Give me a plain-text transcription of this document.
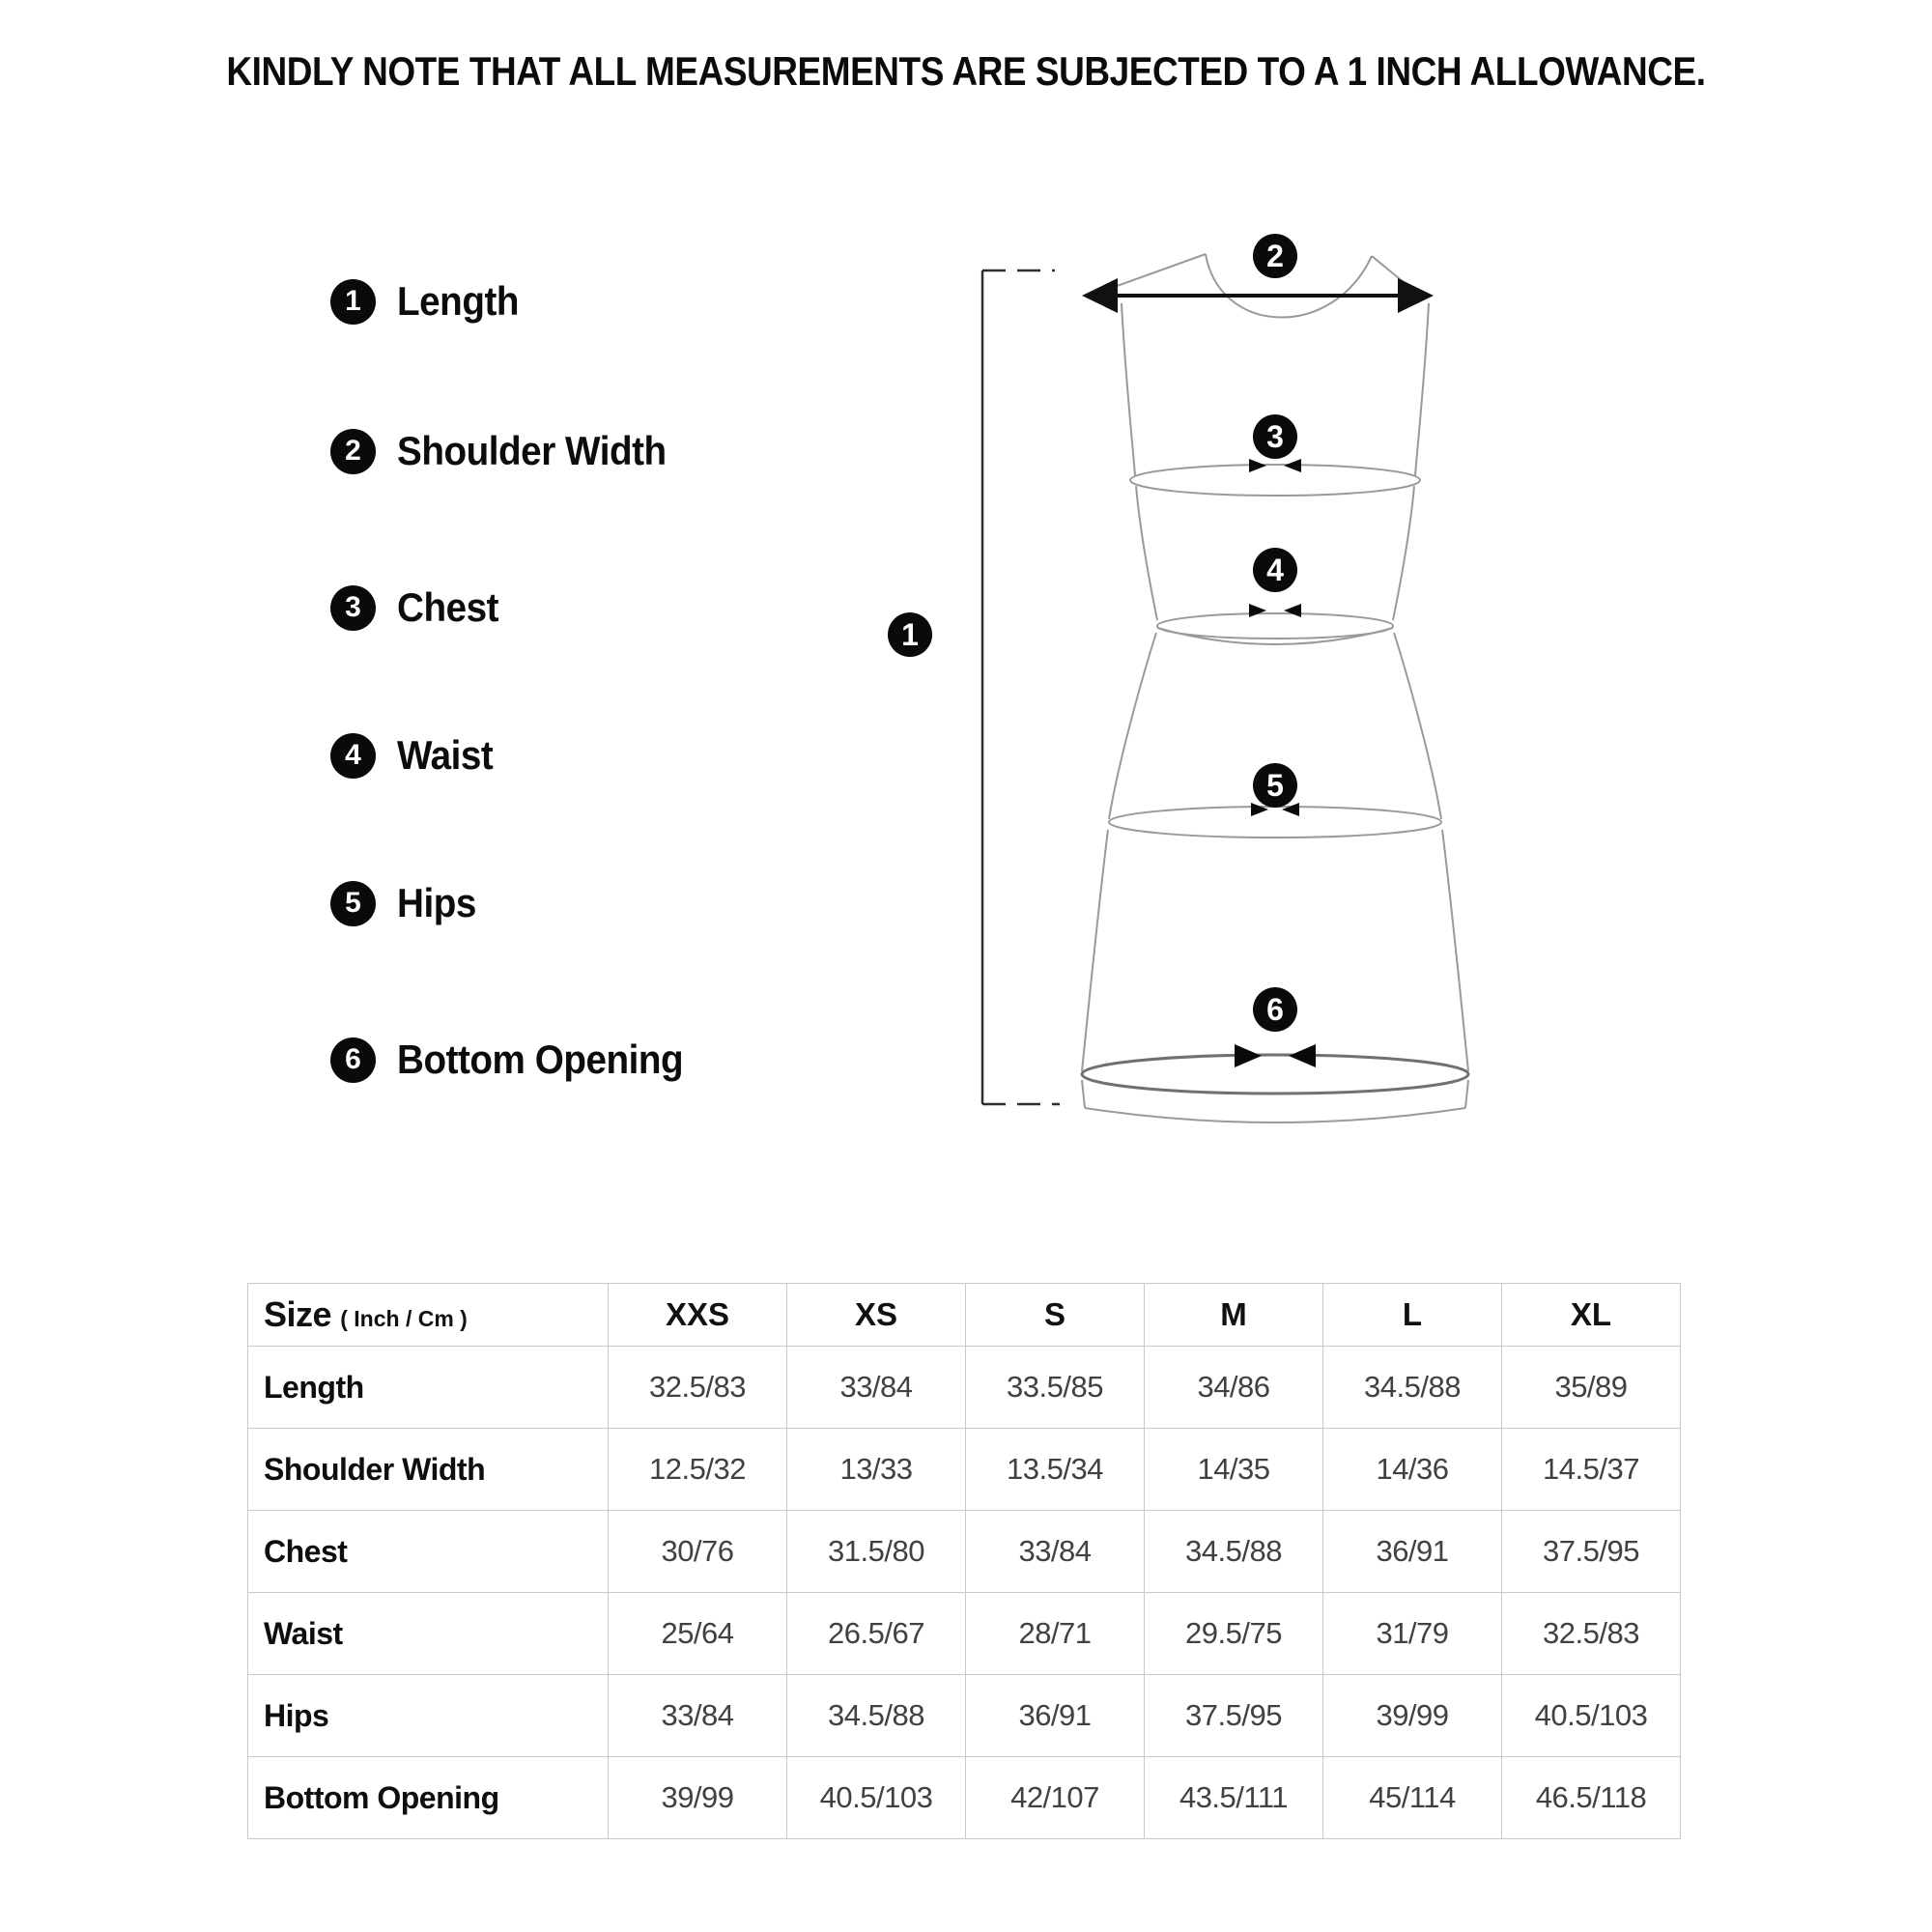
KINDLY NOTE THAT ALL MEASUREMENTS ARE SUBJECTED TO A 1 INCH ALLOWANCE.
1 Length
2 Shoulder Width
3 Chest
4 Waist
5 Hips
6 Bottom Opening
1
2
3
4
5
6
Size ( Inch / Cm )	XXS	XS	S	M	L	XL
Length	32.5/83	33/84	33.5/85	34/86	34.5/88	35/89
Shoulder Width	12.5/32	13/33	13.5/34	14/35	14/36	14.5/37
Chest	30/76	31.5/80	33/84	34.5/88	36/91	37.5/95
Waist	25/64	26.5/67	28/71	29.5/75	31/79	32.5/83
Hips	33/84	34.5/88	36/91	37.5/95	39/99	40.5/103
Bottom Opening	39/99	40.5/103	42/107	43.5/111	45/114	46.5/118
